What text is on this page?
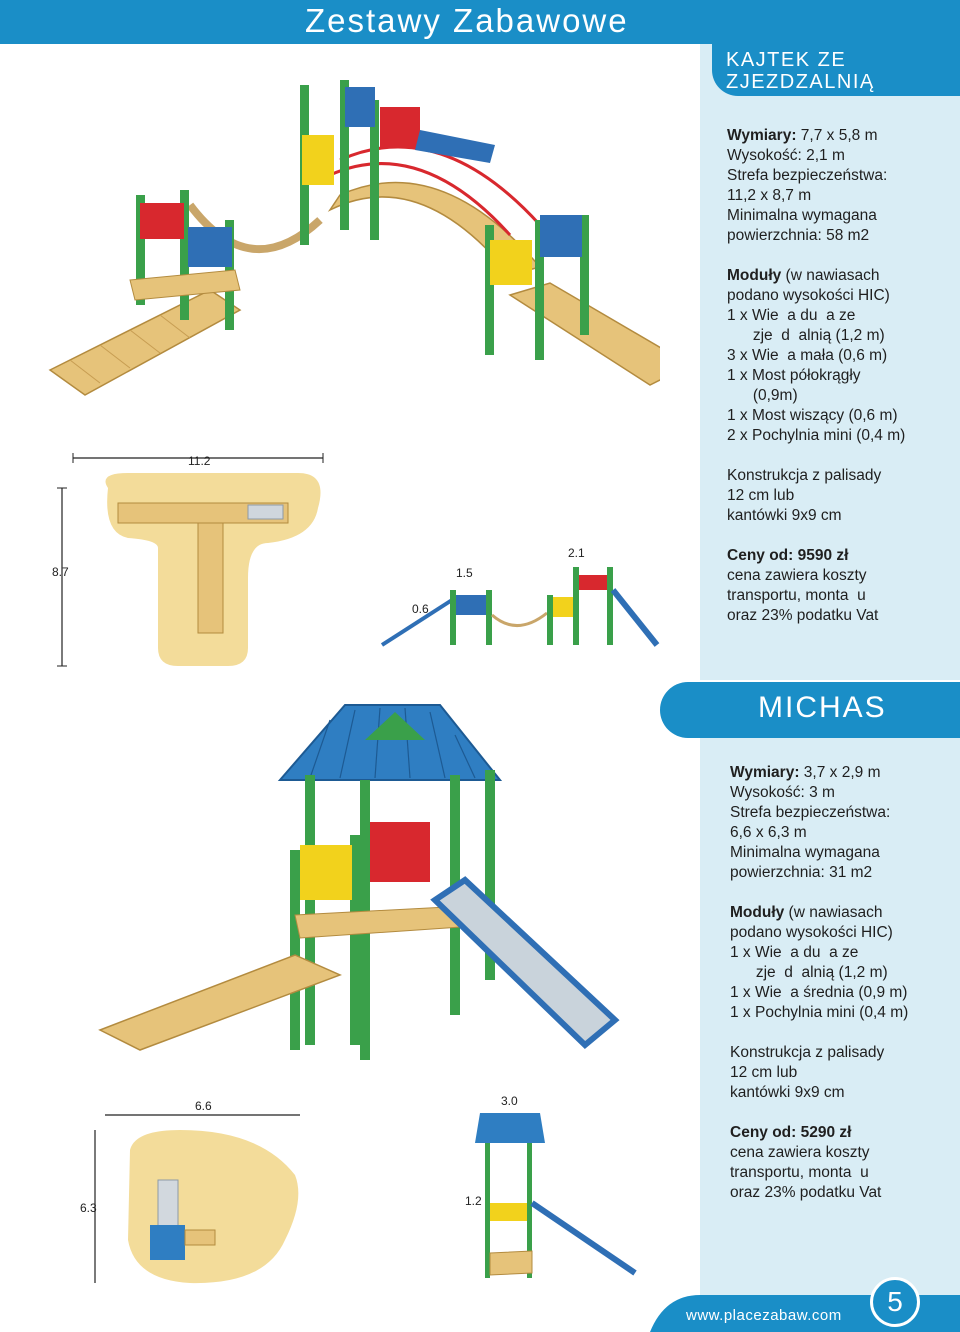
Zestawy Zabawowe
KAJTEK ZE
ZJEZDZALNIĄ

Wymiary: 7,7 x 5,8 m

Wysokość: 2,1 m

Strefa bezpieczeństwa:

11,2 x 8,7 m

Minimalna wymagana

powierzchnia: 58 m2

Moduły (w nawiasach

podano wysokości HIC)

1 x Wie  a du  a ze

zje  d  alnią (1,2 m)

3 x Wie  a mała (0,6 m)

1 x Most półokrągły

(0,9m)

1 x Most wiszący (0,6 m)

2 x Pochylnia mini (0,4 m)

Konstrukcja z palisady

12 cm lub

kantówki 9x9 cm

Ceny od: 9590 zł

cena zawiera koszty

transportu, monta  u

oraz 23% podatku Vat

11.2
8.7
0.6
1.5
2.1
MICHAS

Wymiary: 3,7 x 2,9 m

Wysokość: 3 m

Strefa bezpieczeństwa:

6,6 x 6,3 m

Minimalna wymagana

powierzchnia: 31 m2

Moduły (w nawiasach

podano wysokości HIC)

1 x Wie  a du  a ze

zje  d  alnią (1,2 m)

1 x Wie  a średnia (0,9 m)

1 x Pochylnia mini (0,4 m)

Konstrukcja z palisady

12 cm lub

kantówki 9x9 cm

Ceny od: 5290 zł

cena zawiera koszty

transportu, monta  u

oraz 23% podatku Vat

6.6
6.3
3.0
1.2
www.placezabaw.com	5
